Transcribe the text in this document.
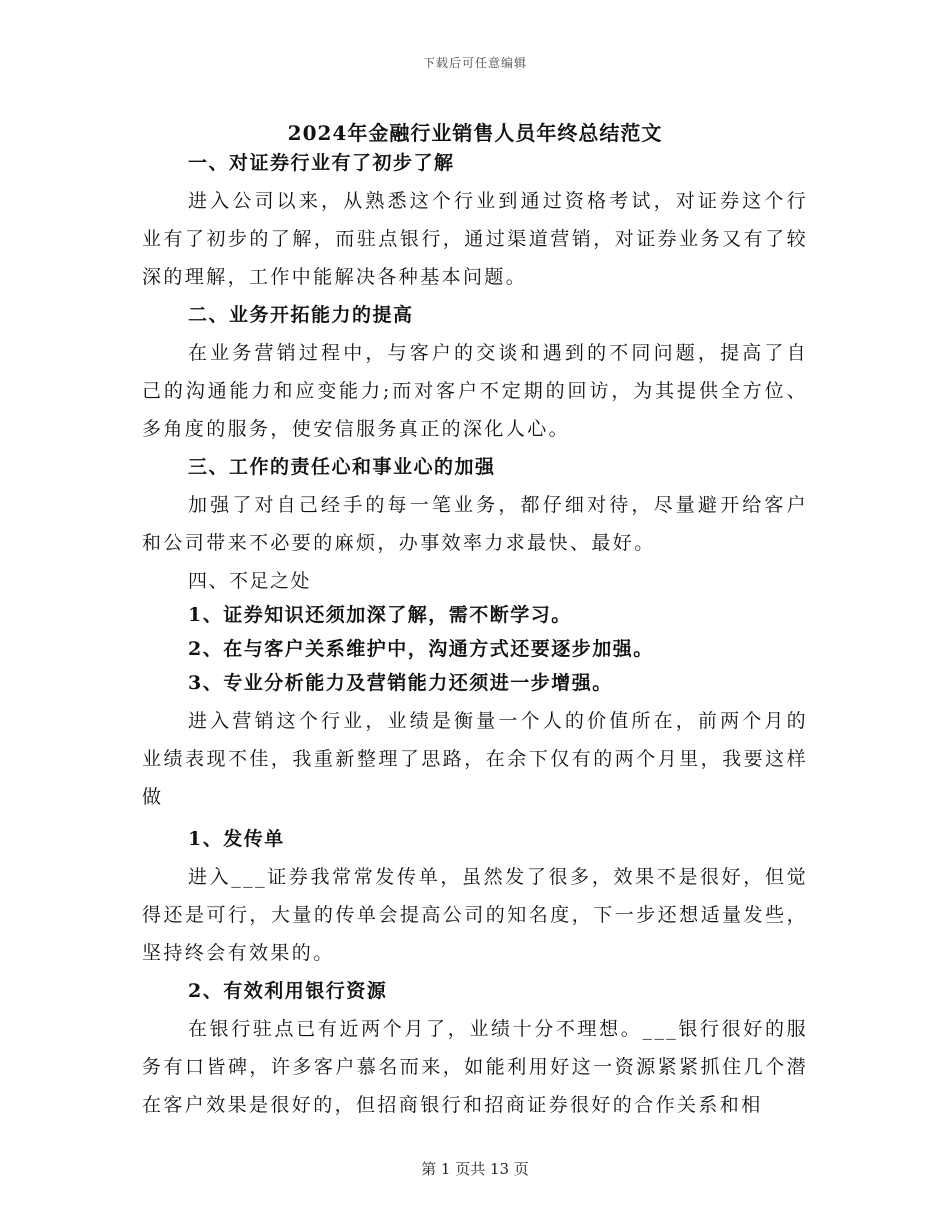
下载后可任意编辑
2024年金融行业销售人员年终总结范文
一、对证券行业有了初步了解
进入公司以来，从熟悉这个行业到通过资格考试，对证券这个行业有了初步的了解，而驻点银行，通过渠道营销，对证券业务又有了较深的理解，工作中能解决各种基本问题。
二、业务开拓能力的提高
在业务营销过程中，与客户的交谈和遇到的不同问题，提高了自己的沟通能力和应变能力;而对客户不定期的回访，为其提供全方位、多角度的服务，使安信服务真正的深化人心。
三、工作的责任心和事业心的加强
加强了对自己经手的每一笔业务，都仔细对待，尽量避开给客户和公司带来不必要的麻烦，办事效率力求最快、最好。
四、不足之处
1、证券知识还须加深了解，需不断学习。
2、在与客户关系维护中，沟通方式还要逐步加强。
3、专业分析能力及营销能力还须进一步增强。
进入营销这个行业，业绩是衡量一个人的价值所在，前两个月的业绩表现不佳，我重新整理了思路，在余下仅有的两个月里，我要这样做
1、发传单
进入___证券我常常发传单，虽然发了很多，效果不是很好，但觉得还是可行，大量的传单会提高公司的知名度，下一步还想适量发些，坚持终会有效果的。
2、有效利用银行资源
在银行驻点已有近两个月了，业绩十分不理想。___银行很好的服务有口皆碑，许多客户慕名而来，如能利用好这一资源紧紧抓住几个潜在客户效果是很好的，但招商银行和招商证券很好的合作关系和相
第 1 页共 13 页
